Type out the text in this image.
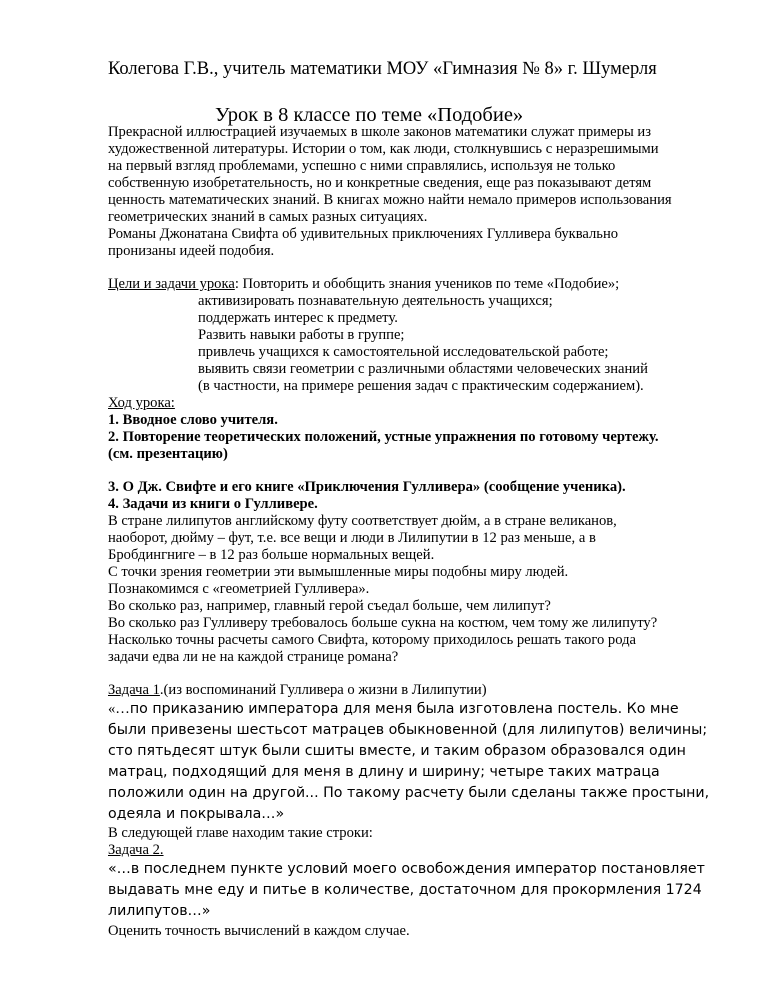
Колегова Г.В., учитель математики МОУ «Гимназия № 8» г. Шумерля
Урок в 8 классе по теме «Подобие»
Прекрасной иллюстрацией изучаемых в школе законов математики служат примеры из
художественной литературы. Истории о том, как люди, столкнувшись с неразрешимыми
на первый взгляд проблемами, успешно с ними справлялись, используя не только
собственную изобретательность, но и конкретные сведения, еще раз показывают детям
ценность математических знаний. В книгах можно найти немало примеров использования
геометрических знаний в самых разных ситуациях.
Романы Джонатана Свифта об удивительных приключениях Гулливера буквально
пронизаны идеей подобия.
Цели и задачи урока: Повторить и обобщить знания учеников по теме «Подобие»;
активизировать познавательную деятельность учащихся;
поддержать интерес к предмету.
Развить навыки работы в группе;
привлечь учащихся к самостоятельной исследовательской работе;
выявить связи геометрии с различными областями человеческих знаний
(в частности, на примере решения задач с практическим содержанием).
Ход урока:
1. Вводное слово учителя.
2. Повторение теоретических положений, устные упражнения по готовому чертежу.
(см. презентацию)
3. О Дж. Свифте и его книге «Приключения Гулливера» (сообщение ученика).
4. Задачи из книги о Гулливере.
В стране лилипутов английскому футу соответствует дюйм, а в стране великанов,
наоборот, дюйму – фут, т.е. все вещи и люди в Лилипутии в 12 раз меньше, а в
Бробдингниге – в 12 раз больше нормальных вещей.
С точки зрения геометрии эти вымышленные миры подобны миру людей.
Познакомимся с «геометрией Гулливера».
Во сколько раз, например, главный герой съедал больше, чем лилипут?
Во сколько раз Гулливеру требовалось больше сукна на костюм, чем тому же лилипуту?
Насколько точны расчеты самого Свифта, которому приходилось решать такого рода
задачи едва ли не на каждой странице романа?
Задача 1.(из воспоминаний Гулливера о жизни в Лилипутии)
«…по приказанию императора для меня была изготовлена постель. Ко мне
были привезены шестьсот матрацев обыкновенной (для лилипутов) величины;
сто пятьдесят штук были сшиты вместе, и таким образом образовался один
матрац, подходящий для меня в длину и ширину; четыре таких матраца
положили один на другой... По такому расчету были сделаны также простыни,
одеяла и покрывала…»
В следующей главе находим такие строки:
Задача 2.
«…в последнем пункте условий моего освобождения император постановляет
выдавать мне еду и питье в количестве, достаточном для прокормления 1724
лилипутов…»
Оценить точность вычислений в каждом случае.
